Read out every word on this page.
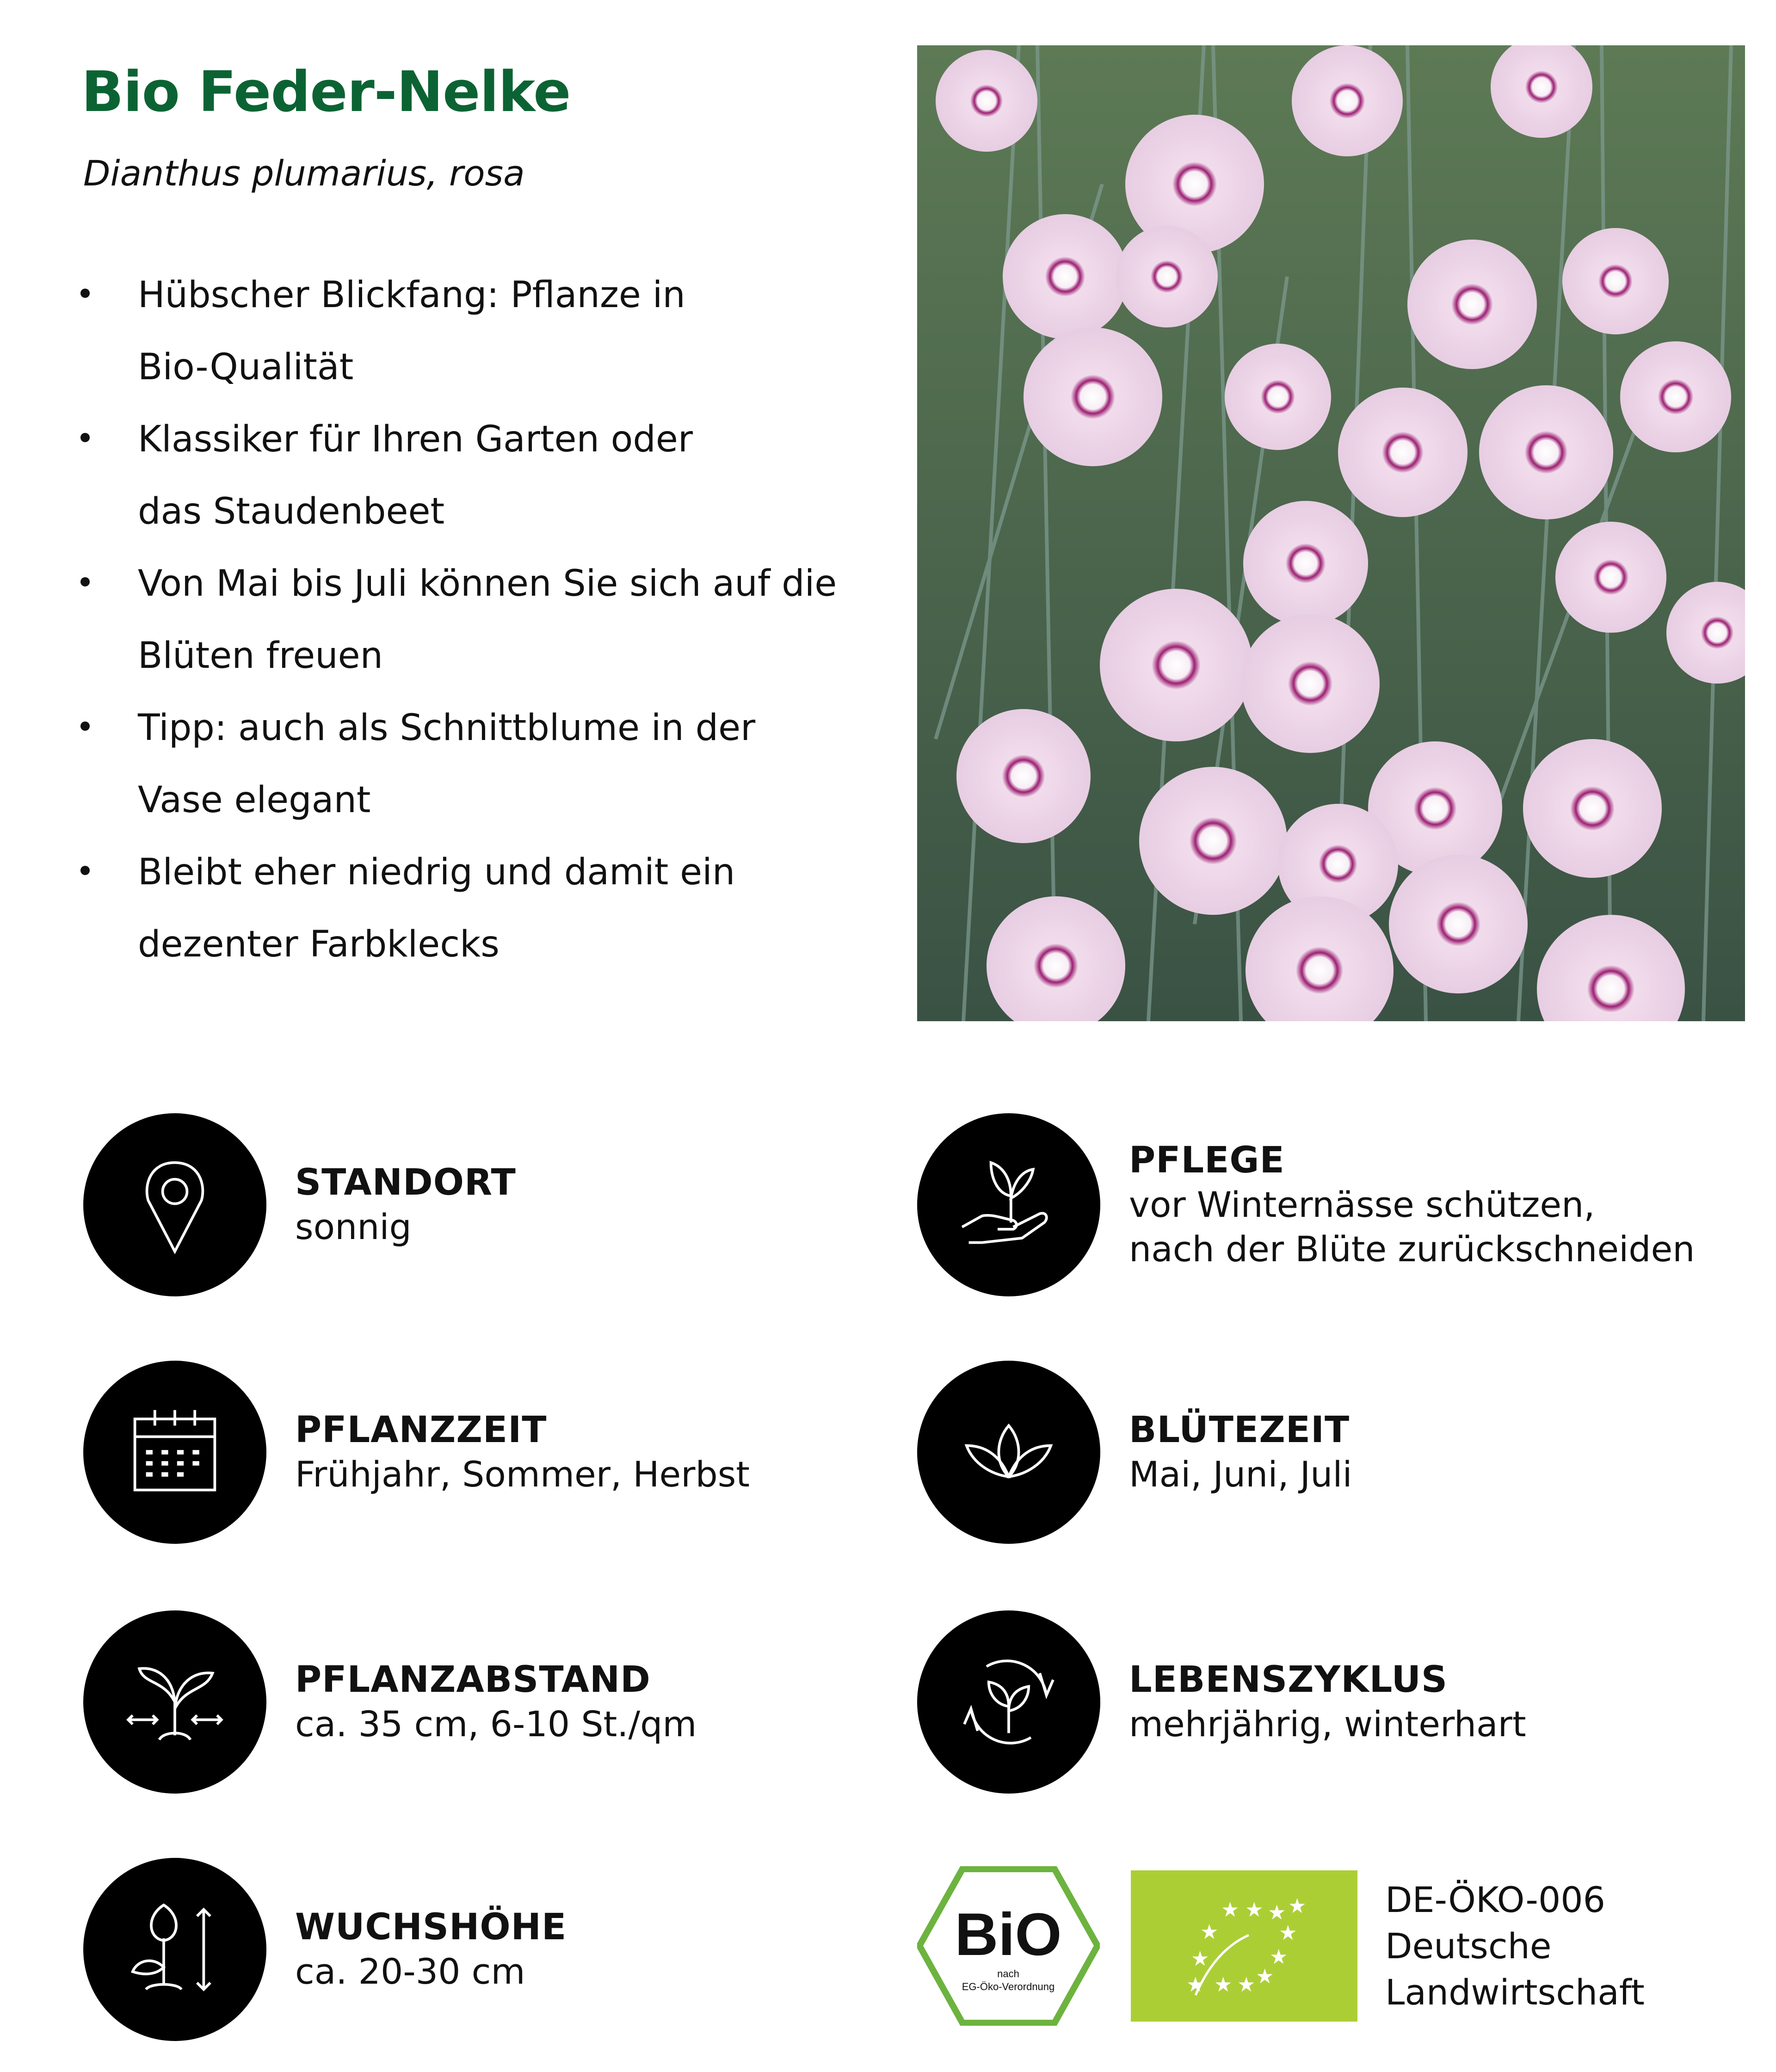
Bio Feder-Nelke
Dianthus plumarius, rosa
Hübscher Blickfang: Pflanze in
Bio-Qualität
Klassiker für Ihren Garten oder
das Staudenbeet
Von Mai bis Juli können Sie sich auf die
Blüten freuen
Tipp: auch als Schnittblume in der
Vase elegant
Bleibt eher niedrig und damit ein
dezenter Farbklecks
STANDORT
sonnig
PFLANZZEIT
Frühjahr, Sommer, Herbst
PFLANZABSTAND
ca. 35 cm, 6-10 St./qm
WUCHSHÖHE
ca. 20-30 cm
PFLEGE
vor Winternässe schützen,
nach der Blüte zurückschneiden
BLÜTEZEIT
Mai, Juni, Juli
LEBENSZYKLUS
mehrjährig, winterhart
BiO
nach
EG-Öko-Verordnung
★ ★ ★ ★
★	★
★	★
★ ★ ★ ★
DE-ÖKO-006
Deutsche
Landwirtschaft
